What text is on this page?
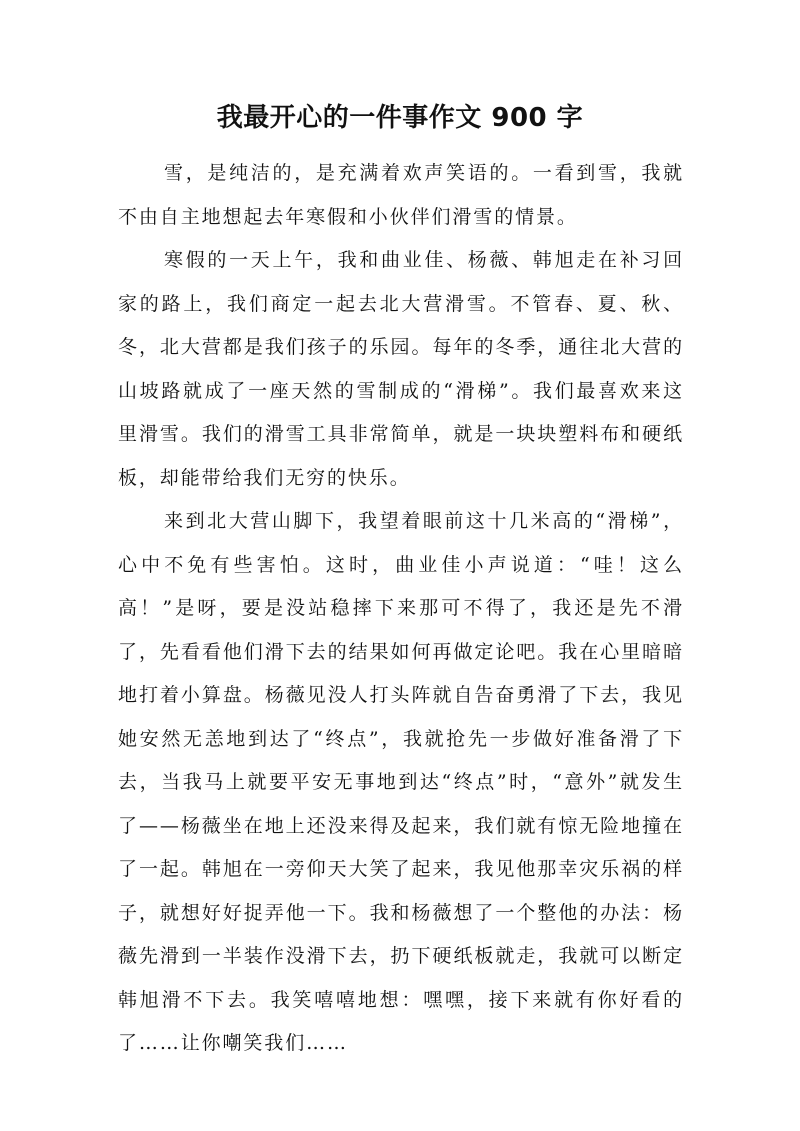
我最开心的一件事作文 900 字

雪，是纯洁的，是充满着欢声笑语的。一看到雪，我就不由自主地想起去年寒假和小伙伴们滑雪的情景。

寒假的一天上午，我和曲业佳、杨薇、韩旭走在补习回家的路上，我们商定一起去北大营滑雪。不管春、夏、秋、冬，北大营都是我们孩子的乐园。每年的冬季，通往北大营的山坡路就成了一座天然的雪制成的“滑梯”。我们最喜欢来这里滑雪。我们的滑雪工具非常简单，就是一块块塑料布和硬纸板，却能带给我们无穷的快乐。

来到北大营山脚下，我望着眼前这十几米高的“滑梯”，心中不免有些害怕。这时，曲业佳小声说道：“哇！这么高！”是呀，要是没站稳摔下来那可不得了，我还是先不滑了，先看看他们滑下去的结果如何再做定论吧。我在心里暗暗地打着小算盘。杨薇见没人打头阵就自告奋勇滑了下去，我见她安然无恙地到达了“终点”，我就抢先一步做好准备滑了下去，当我马上就要平安无事地到达“终点”时，“意外”就发生了——杨薇坐在地上还没来得及起来，我们就有惊无险地撞在了一起。韩旭在一旁仰天大笑了起来，我见他那幸灾乐祸的样子，就想好好捉弄他一下。我和杨薇想了一个整他的办法：杨薇先滑到一半装作没滑下去，扔下硬纸板就走，我就可以断定韩旭滑不下去。我笑嘻嘻地想：嘿嘿，接下来就有你好看的了……让你嘲笑我们……
